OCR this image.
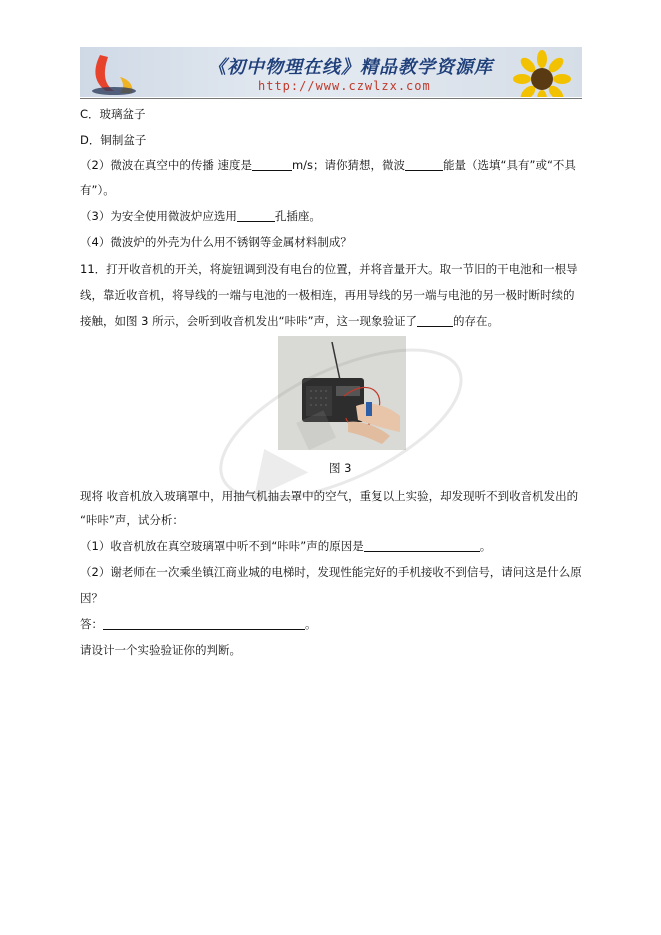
《初中物理在线》精品教学资源库
http://www.czwlzx.com
C．玻璃盆子
D．铜制盆子
（2）微波在真空中的传播 速度是	m/s；请你猜想，微波	能量（选填“具有”或“不具
有”）。
（3）为安全使用微波炉应选用	孔插座。
（4）微波炉的外壳为什么用不锈钢等金属材料制成？
11．打开收音机的开关，将旋钮调到没有电台的位置，并将音量开大。取一节旧的干电池和一根导
线，靠近收音机，将导线的一端与电池的一极相连，再用导线的另一端与电池的另一极时断时续的
接触，如图 3 所示，会听到收音机发出“咔咔”声，这一现象验证了	的存在。
图 3
现将 收音机放入玻璃罩中，用抽气机抽去罩中的空气，重复以上实验，却发现听不到收音机发出的
“咔咔”声，试分析：
（1）收音机放在真空玻璃罩中听不到“咔咔”声的原因是	。
（2）谢老师在一次乘坐镇江商业城的电梯时，发现性能完好的手机接收不到信号，请问这是什么原
因？
答：	。
请设计一个实验验证你的判断。
